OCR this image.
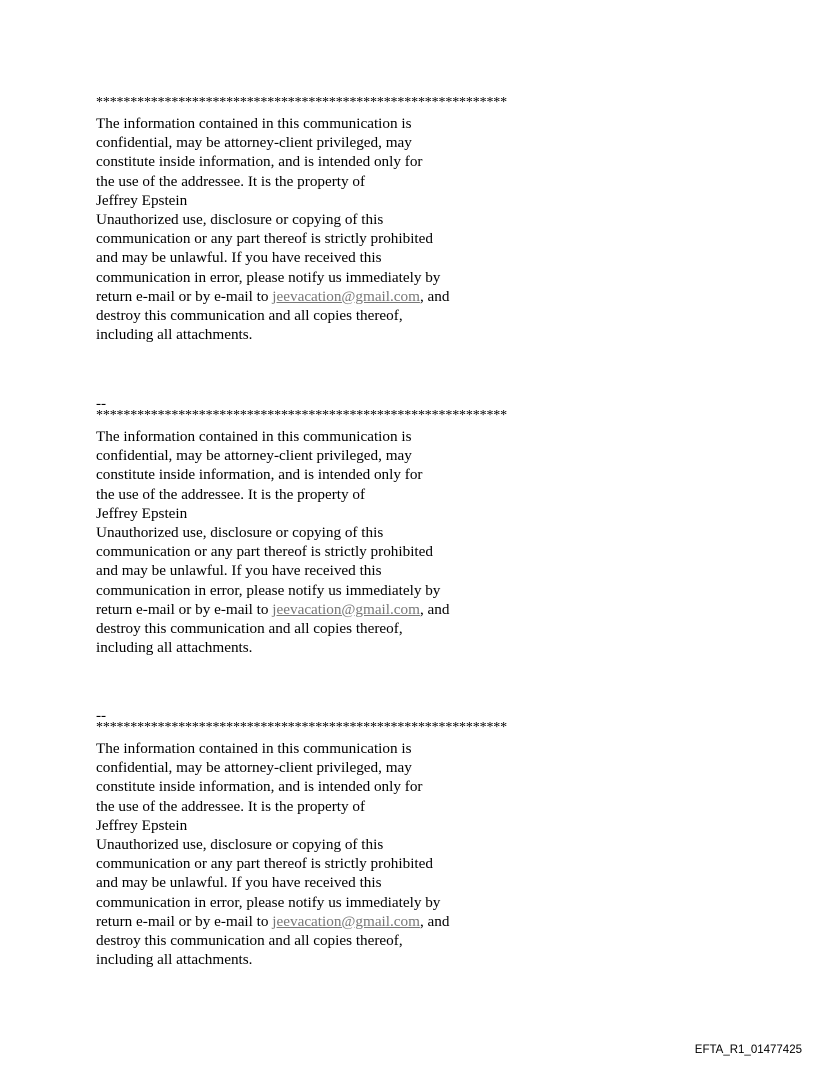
************************************************************
The information contained in this communication is
confidential, may be attorney-client privileged, may
constitute inside information, and is intended only for
the use of the addressee. It is the property of
Jeffrey Epstein
Unauthorized use, disclosure or copying of this
communication or any part thereof is strictly prohibited
and may be unlawful. If you have received this
communication in error, please notify us immediately by
return e-mail or by e-mail to jeevacation@gmail.com, and
destroy this communication and all copies thereof,
including all attachments.
--
************************************************************
The information contained in this communication is
confidential, may be attorney-client privileged, may
constitute inside information, and is intended only for
the use of the addressee. It is the property of
Jeffrey Epstein
Unauthorized use, disclosure or copying of this
communication or any part thereof is strictly prohibited
and may be unlawful. If you have received this
communication in error, please notify us immediately by
return e-mail or by e-mail to jeevacation@gmail.com, and
destroy this communication and all copies thereof,
including all attachments.
--
************************************************************
The information contained in this communication is
confidential, may be attorney-client privileged, may
constitute inside information, and is intended only for
the use of the addressee. It is the property of
Jeffrey Epstein
Unauthorized use, disclosure or copying of this
communication or any part thereof is strictly prohibited
and may be unlawful. If you have received this
communication in error, please notify us immediately by
return e-mail or by e-mail to jeevacation@gmail.com, and
destroy this communication and all copies thereof,
including all attachments.
EFTA_R1_01477425
